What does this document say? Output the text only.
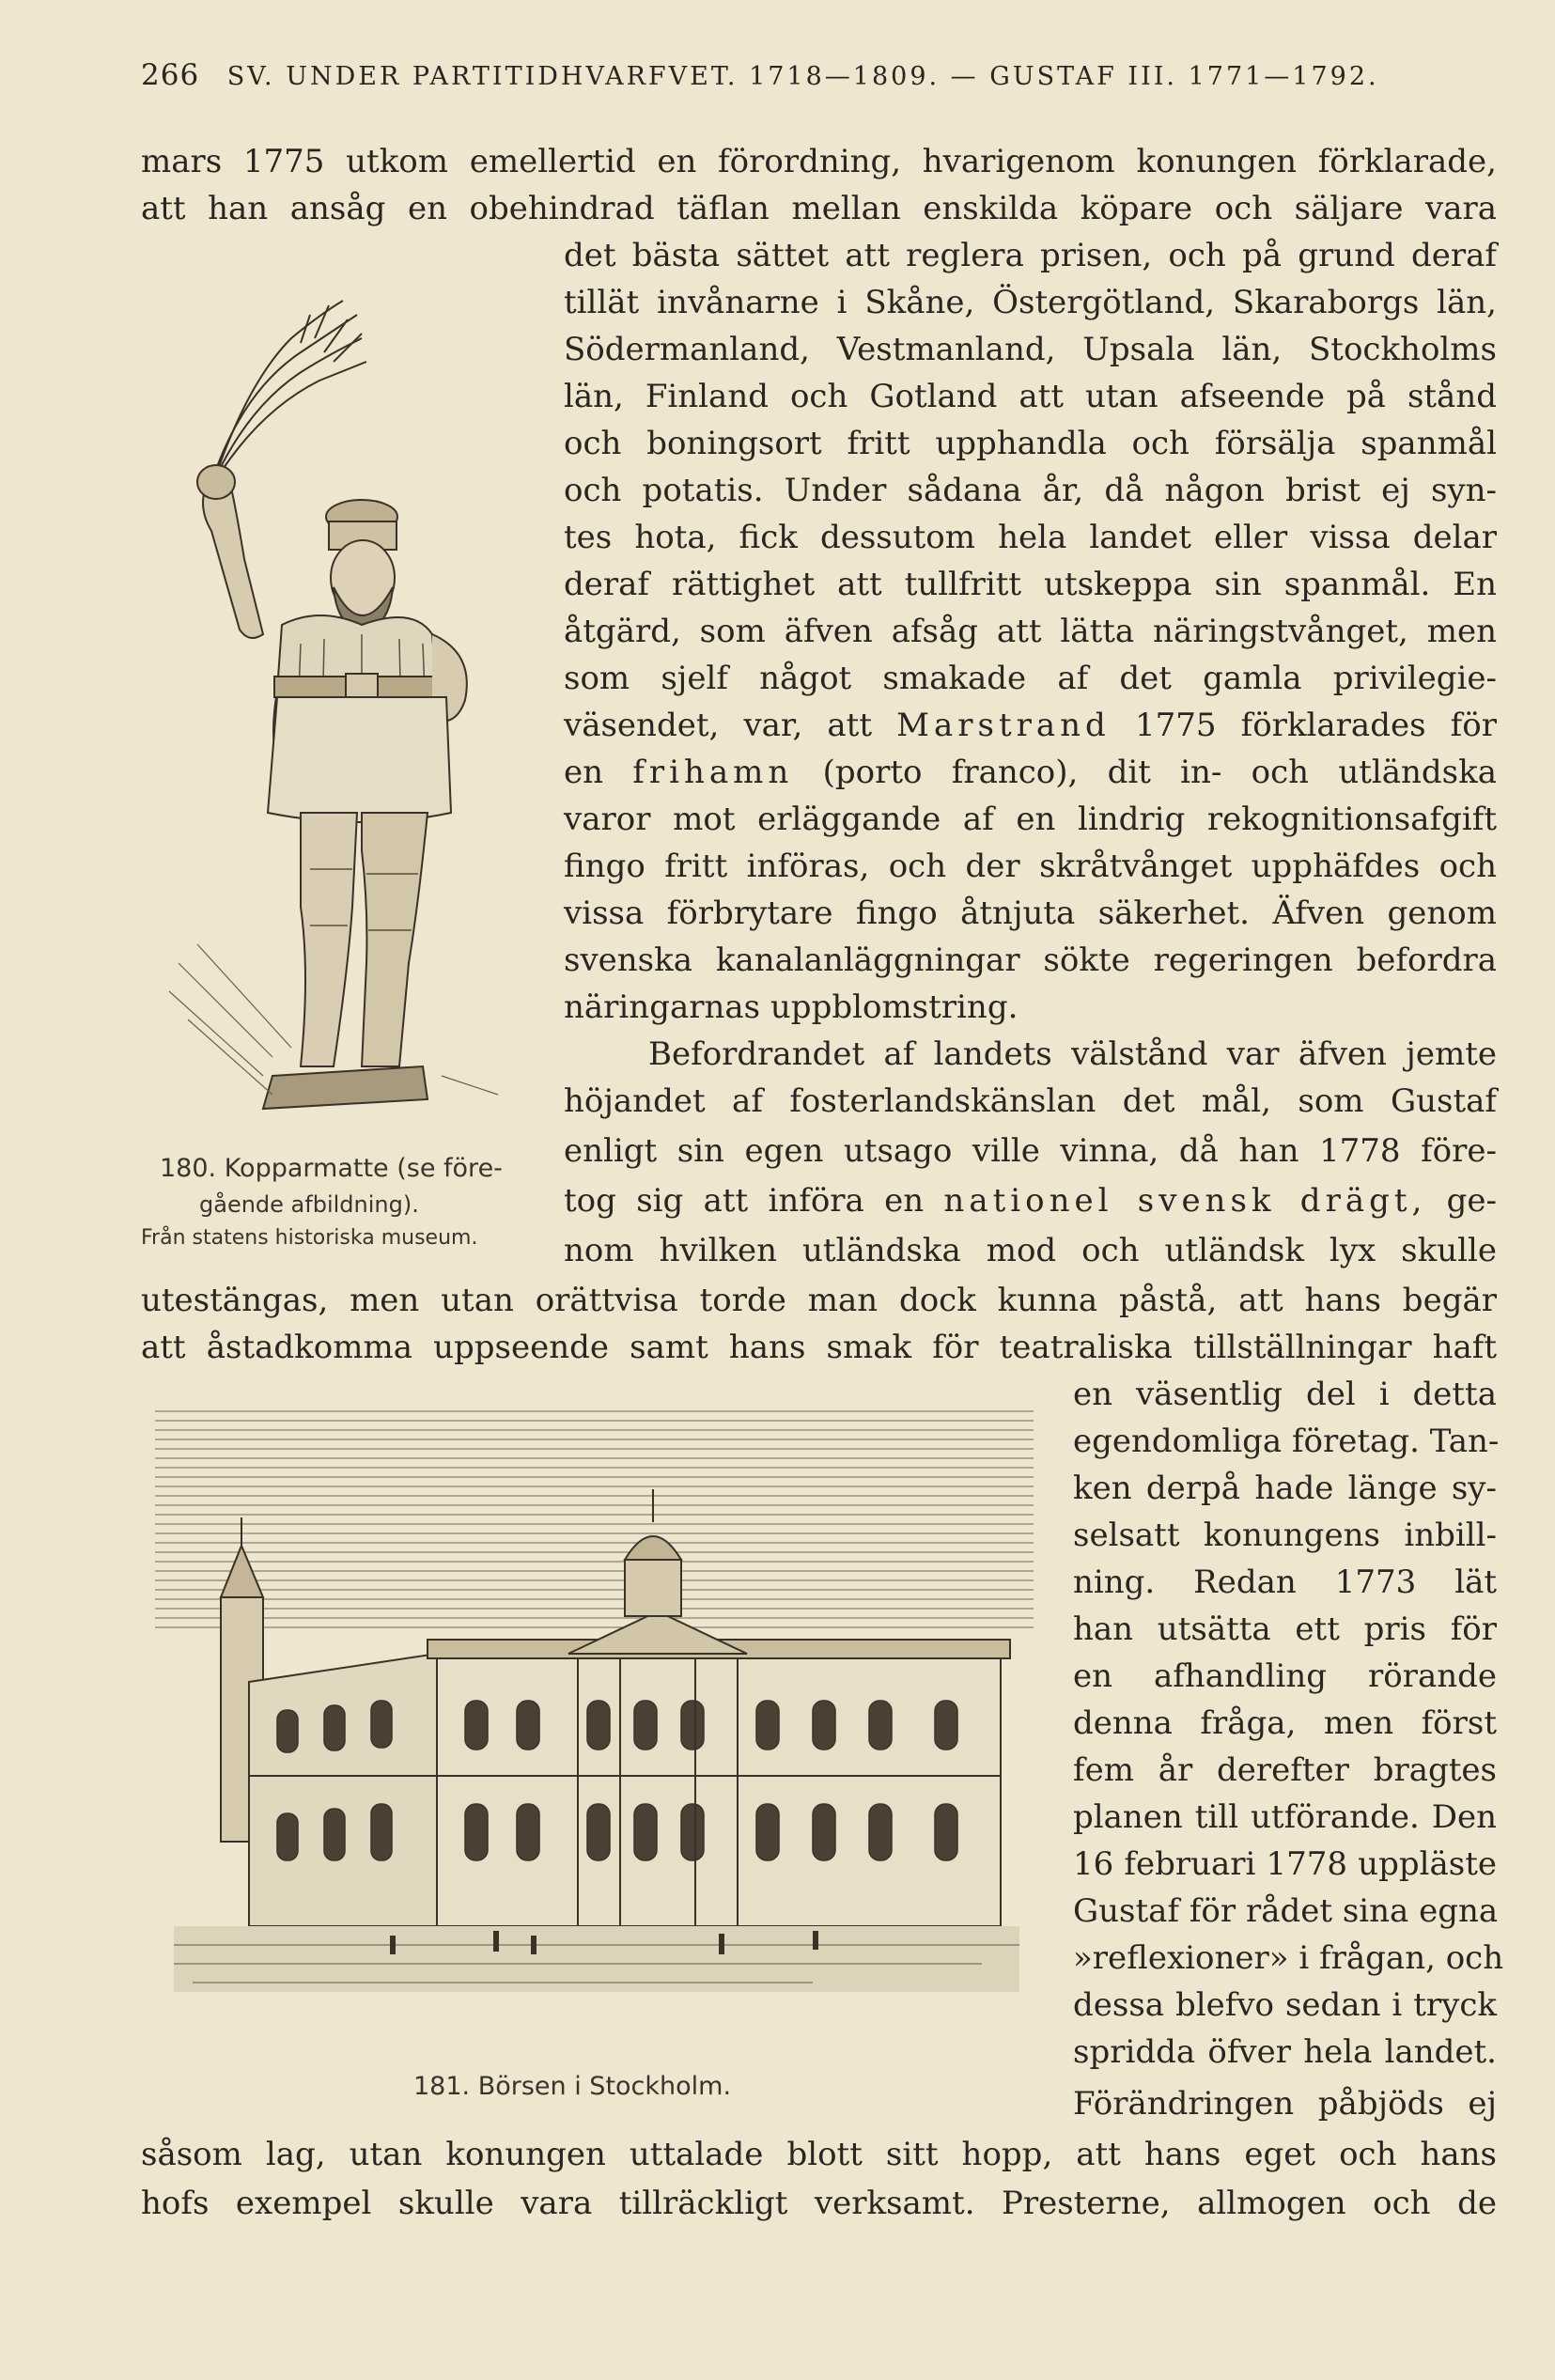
266 SV. UNDER PARTITIDHVARFVET. 1718—1809. — GUSTAF III. 1771—1792.
180. Kopparmatte (se före-
gående afbildning).
Från statens historiska museum.
mars 1775 utkom emellertid en förordning, hvarigenom konungen förklarade,
att han ansåg en obehindrad täflan mellan enskilda köpare och säljare vara
det bästa sättet att reglera prisen, och på grund deraf
tillät invånarne i Skåne, Östergötland, Skaraborgs län,
Södermanland, Vestmanland, Upsala län, Stockholms
län, Finland och Gotland att utan afseende på stånd
och boningsort fritt upphandla och försälja spanmål
och potatis. Under sådana år, då någon brist ej syn-
tes hota, fick dessutom hela landet eller vissa delar
deraf rättighet att tullfritt utskeppa sin spanmål. En
åtgärd, som äfven afsåg att lätta näringstvånget, men
som sjelf något smakade af det gamla privilegie-
väsendet, var, att Marstrand 1775 förklarades för
en frihamn (porto franco), dit in- och utländska
varor mot erläggande af en lindrig rekognitionsafgift
fingo fritt införas, och der skråtvånget upphäfdes och
vissa förbrytare fingo åtnjuta säkerhet. Äfven genom
svenska kanalanläggningar sökte regeringen befordra
näringarnas uppblomstring.
Befordrandet af landets välstånd var äfven jemte
höjandet af fosterlandskänslan det mål, som Gustaf
enligt sin egen utsago ville vinna, då han 1778 före-
tog sig att införa en nationel svensk drägt, ge-
nom hvilken utländska mod och utländsk lyx skulle
utestängas, men utan orättvisa torde man dock kunna påstå, att hans begär
att åstadkomma uppseende samt hans smak för teatraliska tillställningar haft
en väsentlig del i detta
egendomliga företag. Tan-
ken derpå hade länge sy-
selsatt konungens inbill-
ning. Redan 1773 lät
han utsätta ett pris för
en afhandling rörande
denna fråga, men först
fem år derefter bragtes
planen till utförande. Den
16 februari 1778 uppläste
Gustaf för rådet sina egna
»reflexioner» i frågan, och
dessa blefvo sedan i tryck
spridda öfver hela landet.
Förändringen påbjöds ej
såsom lag, utan konungen uttalade blott sitt hopp, att hans eget och hans
hofs exempel skulle vara tillräckligt verksamt. Presterne, allmogen och de
181. Börsen i Stockholm.
